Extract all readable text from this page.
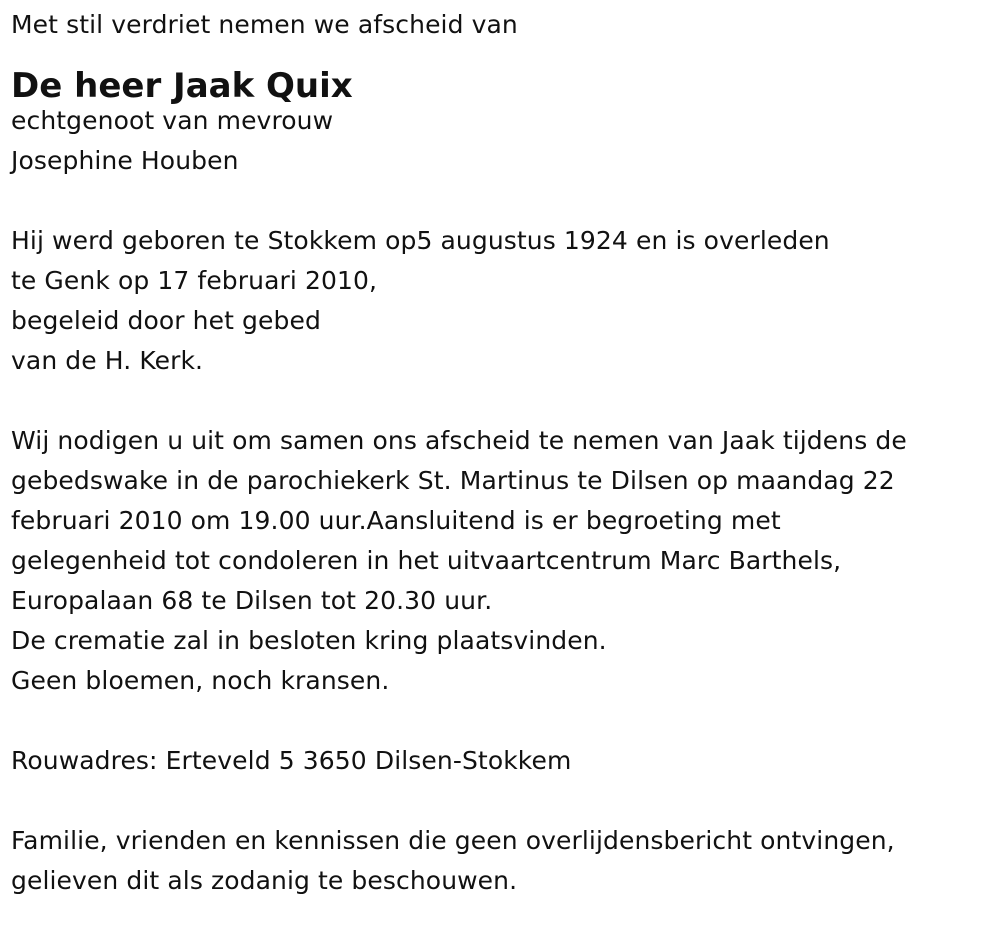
Met stil verdriet nemen we afscheid van
De heer Jaak Quix
echtgenoot van mevrouw
Josephine Houben
Hij werd geboren te Stokkem op5 augustus 1924 en is overleden
te Genk op 17 februari 2010,
begeleid door het gebed
van de H. Kerk.
Wij nodigen u uit om samen ons afscheid te nemen van Jaak tijdens de
gebedswake in de parochiekerk St. Martinus te Dilsen op maandag 22
februari 2010 om 19.00 uur.Aansluitend is er begroeting met
gelegenheid tot condoleren in het uitvaartcentrum Marc Barthels,
Europalaan 68 te Dilsen tot 20.30 uur.
De crematie zal in besloten kring plaatsvinden.
Geen bloemen, noch kransen.
Rouwadres: Erteveld 5 3650 Dilsen-Stokkem
Familie, vrienden en kennissen die geen overlijdensbericht ontvingen,
gelieven dit als zodanig te beschouwen.
